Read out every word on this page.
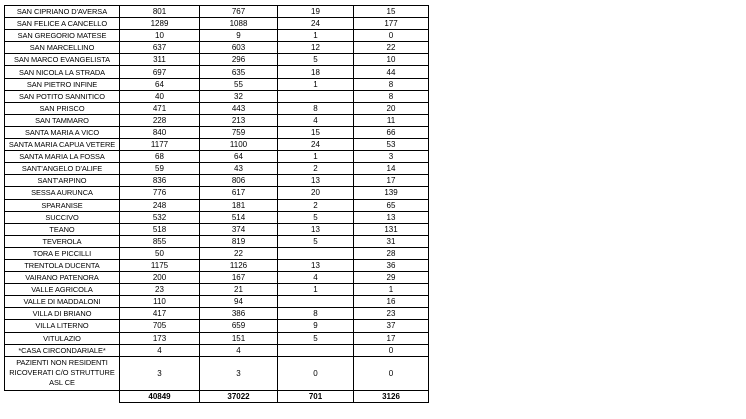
SAN CIPRIANO D'AVERSA	801	767	19	15
SAN FELICE A CANCELLO	1289	1088	24	177
SAN GREGORIO MATESE	10	9	1	0
SAN MARCELLINO	637	603	12	22
SAN MARCO EVANGELISTA	311	296	5	10
SAN NICOLA LA STRADA	697	635	18	44
SAN PIETRO INFINE	64	55	1	8
SAN POTITO SANNITICO	40	32		8
SAN PRISCO	471	443	8	20
SAN TAMMARO	228	213	4	11
SANTA MARIA A VICO	840	759	15	66
SANTA MARIA CAPUA VETERE	1177	1100	24	53
SANTA MARIA LA FOSSA	68	64	1	3
SANT'ANGELO D'ALIFE	59	43	2	14
SANT'ARPINO	836	806	13	17
SESSA AURUNCA	776	617	20	139
SPARANISE	248	181	2	65
SUCCIVO	532	514	5	13
TEANO	518	374	13	131
TEVEROLA	855	819	5	31
TORA E PICCILLI	50	22		28
TRENTOLA DUCENTA	1175	1126	13	36
VAIRANO PATENORA	200	167	4	29
VALLE AGRICOLA	23	21	1	1
VALLE DI MADDALONI	110	94		16
VILLA DI BRIANO	417	386	8	23
VILLA LITERNO	705	659	9	37
VITULAZIO	173	151	5	17
*CASA CIRCONDARIALE*	4	4		0
PAZIENTI NON RESIDENTI RICOVERATI C/O STRUTTURE ASL CE	3	3	0	0
	40849	37022	701	3126
